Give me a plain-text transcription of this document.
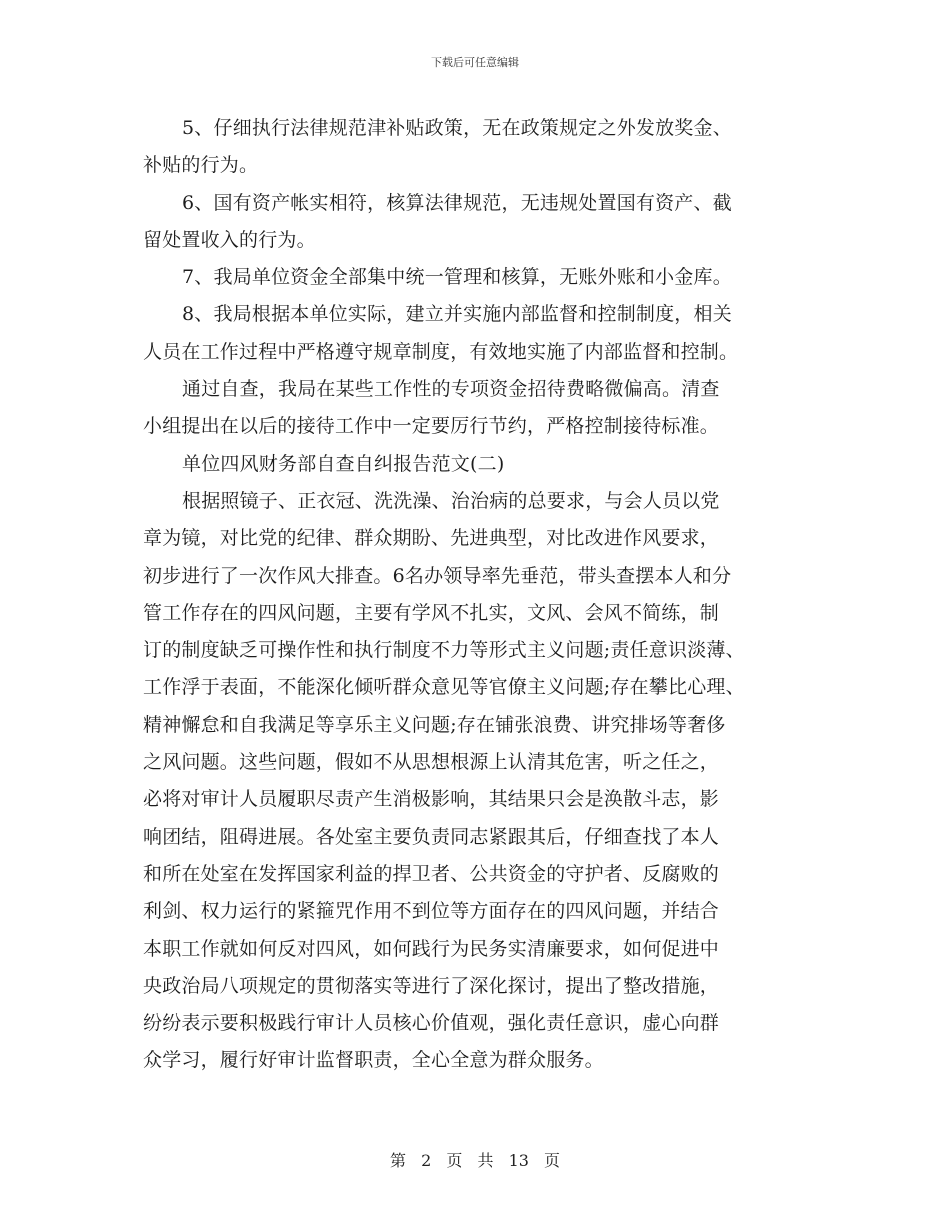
下载后可任意编辑
5、仔细执行法律规范津补贴政策，无在政策规定之外发放奖金、
补贴的行为。
6、国有资产帐实相符，核算法律规范，无违规处置国有资产、截
留处置收入的行为。
7、我局单位资金全部集中统一管理和核算，无账外账和小金库。
8、我局根据本单位实际，建立并实施内部监督和控制制度，相关
人员在工作过程中严格遵守规章制度，有效地实施了内部监督和控制。
通过自查，我局在某些工作性的专项资金招待费略微偏高。清查
小组提出在以后的接待工作中一定要厉行节约，严格控制接待标准。
单位四风财务部自查自纠报告范文(二)
根据照镜子、正衣冠、洗洗澡、治治病的总要求，与会人员以党
章为镜，对比党的纪律、群众期盼、先进典型，对比改进作风要求，
初步进行了一次作风大排查。6名办领导率先垂范，带头查摆本人和分
管工作存在的四风问题，主要有学风不扎实，文风、会风不简练，制
订的制度缺乏可操作性和执行制度不力等形式主义问题;责任意识淡薄、
工作浮于表面，不能深化倾听群众意见等官僚主义问题;存在攀比心理、
精神懈怠和自我满足等享乐主义问题;存在铺张浪费、讲究排场等奢侈
之风问题。这些问题，假如不从思想根源上认清其危害，听之任之，
必将对审计人员履职尽责产生消极影响，其结果只会是涣散斗志，影
响团结，阻碍进展。各处室主要负责同志紧跟其后，仔细查找了本人
和所在处室在发挥国家利益的捍卫者、公共资金的守护者、反腐败的
利剑、权力运行的紧箍咒作用不到位等方面存在的四风问题，并结合
本职工作就如何反对四风，如何践行为民务实清廉要求，如何促进中
央政治局八项规定的贯彻落实等进行了深化探讨，提出了整改措施，
纷纷表示要积极践行审计人员核心价值观，强化责任意识，虚心向群
众学习，履行好审计监督职责，全心全意为群众服务。
第 2 页 共 13 页
